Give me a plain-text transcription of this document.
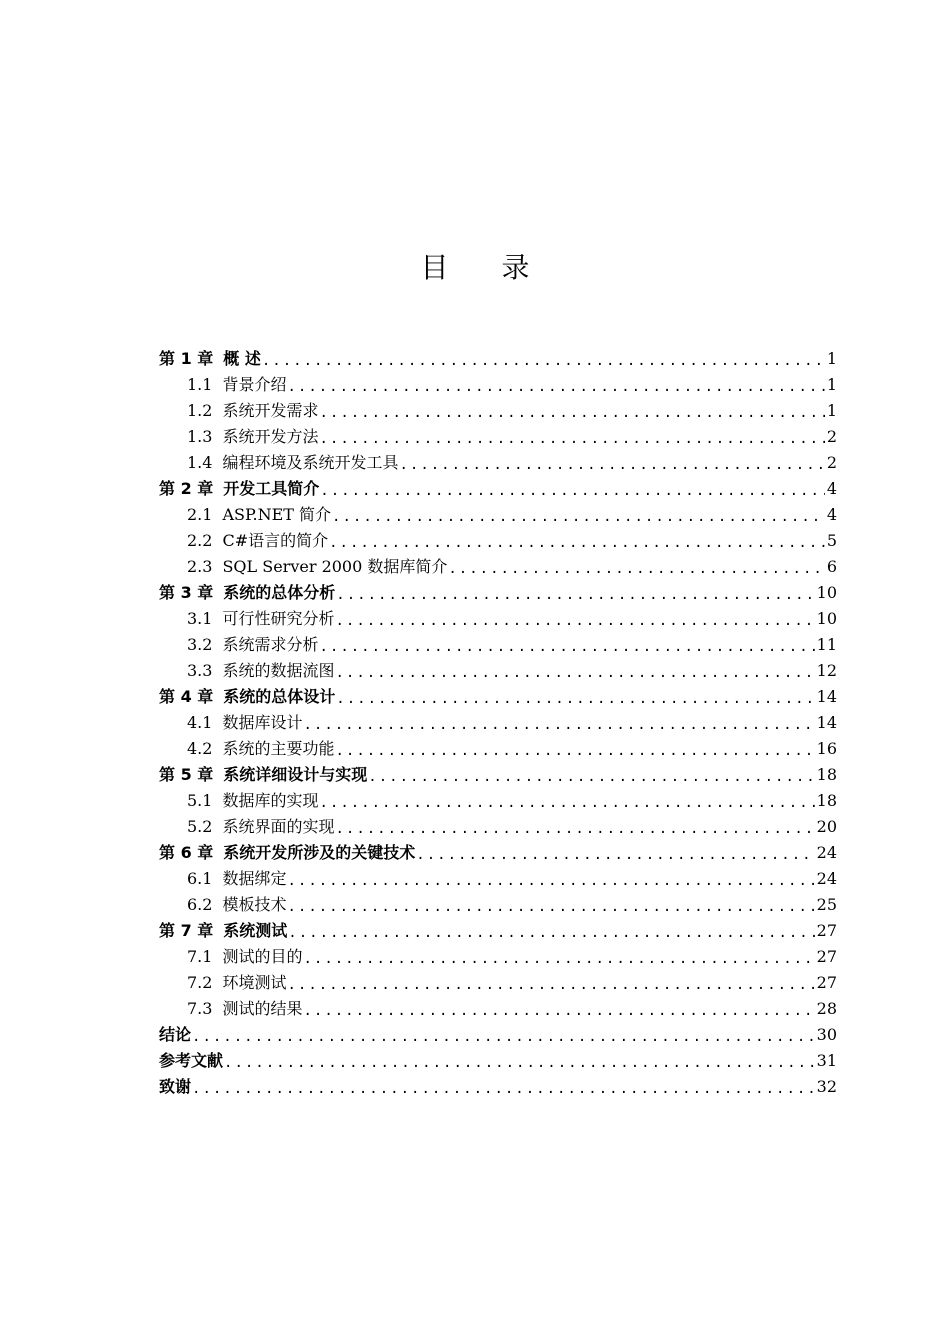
目 录
第 1 章 概 述 .....	1
1.1 背景介绍 .....	1
1.2 系统开发需求 .....	1
1.3 系统开发方法 .....	2
1.4 编程环境及系统开发工具 .....	2
第 2 章 开发工具简介 .....	4
2.1 ASP.NET 简介 .....	4
2.2 C#语言的简介 .....	5
2.3 SQL Server 2000 数据库简介 .....	6
第 3 章 系统的总体分析 .....	10
3.1 可行性研究分析 .....	10
3.2 系统需求分析 .....	11
3.3 系统的数据流图 .....	12
第 4 章 系统的总体设计 .....	14
4.1 数据库设计 .....	14
4.2 系统的主要功能 .....	16
第 5 章 系统详细设计与实现 .....	18
5.1 数据库的实现 .....	18
5.2 系统界面的实现 .....	20
第 6 章 系统开发所涉及的关键技术 .....	24
6.1 数据绑定 .....	24
6.2 模板技术 .....	25
第 7 章 系统测试 .....	27
7.1 测试的目的 .....	27
7.2 环境测试 .....	27
7.3 测试的结果 .....	28
结论 .....	30
参考文献 .....	31
致谢 .....	32
